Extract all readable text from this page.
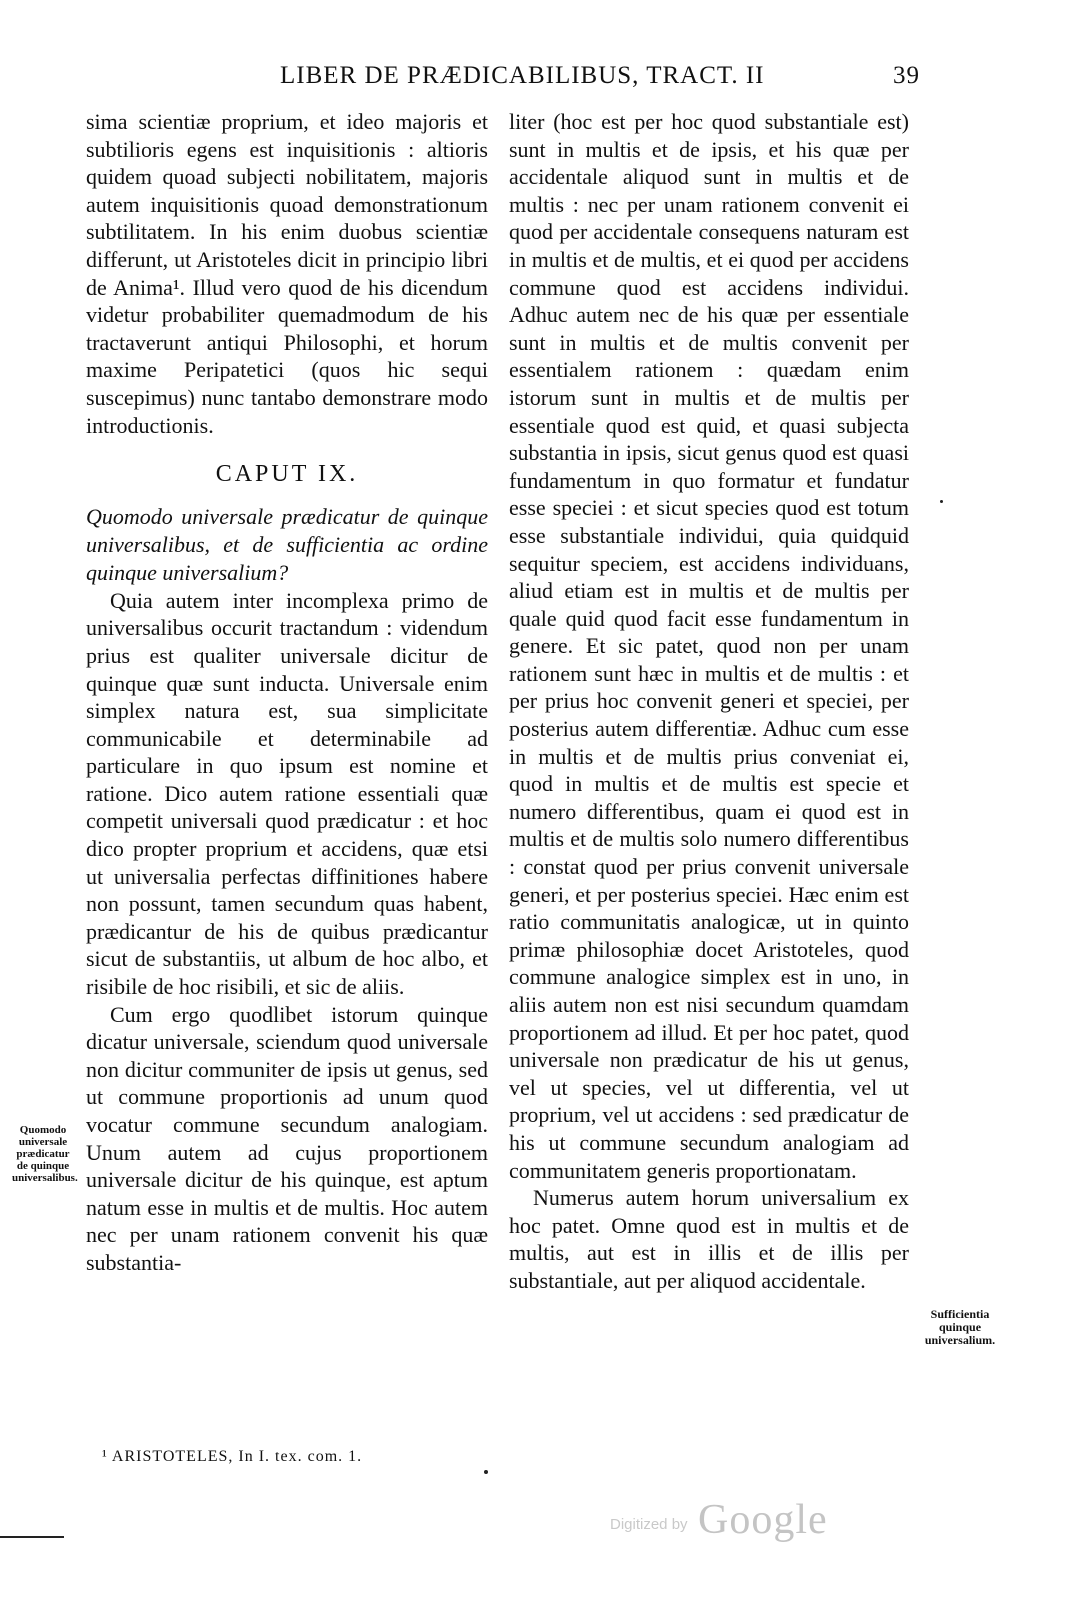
LIBER DE PRÆDICABILIBUS, TRACT. II	39

sima scientiæ proprium, et ideo majoris et subtilioris egens est inquisitionis : altioris quidem quoad subjecti nobilitatem, majoris autem inquisitionis quoad demonstrationum subtilitatem. In his enim duobus scientiæ differunt, ut Aristoteles dicit in principio libri de Anima¹. Illud vero quod de his dicendum videtur probabiliter quemadmodum de his tractaverunt antiqui Philosophi, et horum maxime Peripatetici (quos hic sequi suscepimus) nunc tantabo demonstrare modo introductionis.

CAPUT IX.

Quomodo universale prædicatur de quinque universalibus, et de sufficientia ac ordine quinque universalium?

Quia autem inter incomplexa primo de universalibus occurit tractandum : videndum prius est qualiter universale dicitur de quinque quæ sunt inducta. Universale enim simplex natura est, sua simplicitate communicabile et determinabile ad particulare in quo ipsum est nomine et ratione. Dico autem ratione essentiali quæ competit universali quod prædicatur : et hoc dico propter proprium et accidens, quæ etsi ut universalia perfectas diffinitiones habere non possunt, tamen secundum quas habent, prædicantur de his de quibus prædicantur sicut de substantiis, ut album de hoc albo, et risibile de hoc risibili, et sic de aliis.

Cum ergo quodlibet istorum quinque dicatur universale, sciendum quod universale non dicitur communiter de ipsis ut genus, sed ut commune proportionis ad unum quod vocatur commune secundum analogiam. Unum autem ad cujus proportionem universale dicitur de his quinque, est aptum natum esse in multis et de multis. Hoc autem nec per unam rationem convenit his quæ substantia-

liter (hoc est per hoc quod substantiale est) sunt in multis et de ipsis, et his quæ per accidentale aliquod sunt in multis et de multis : nec per unam rationem convenit ei quod per accidentale consequens naturam est in multis et de multis, et ei quod per accidens commune quod est accidens individui. Adhuc autem nec de his quæ per essentiale sunt in multis et de multis convenit per essentialem rationem : quædam enim istorum sunt in multis et de multis per essentiale quod est quid, et quasi subjecta substantia in ipsis, sicut genus quod est quasi fundamentum in quo formatur et fundatur esse speciei : et sicut species quod est totum esse substantiale individui, quia quidquid sequitur speciem, est accidens individuans, aliud etiam est in multis et de multis per quale quid quod facit esse fundamentum in genere. Et sic patet, quod non per unam rationem sunt hæc in multis et de multis : et per prius hoc convenit generi et speciei, per posterius autem differentiæ. Adhuc cum esse in multis et de multis prius conveniat ei, quod in multis et de multis est specie et numero differentibus, quam ei quod est in multis et de multis solo numero differentibus : constat quod per prius convenit universale generi, et per posterius speciei. Hæc enim est ratio communitatis analogicæ, ut in quinto primæ philosophiæ docet Aristoteles, quod commune analogice simplex est in uno, in aliis autem non est nisi secundum quamdam proportionem ad illud. Et per hoc patet, quod universale non prædicatur de his ut genus, vel ut species, vel ut differentia, vel ut proprium, vel ut accidens : sed prædicatur de his ut commune secundum analogiam ad communitatem generis proportionatam.

Numerus autem horum universalium ex hoc patet. Omne quod est in multis et de multis, aut est in illis et de illis per substantiale, aut per aliquod accidentale.

Quomodo universale prædicatur de quinque universalibus.
Sufficientia quinque universalium.
¹ ARISTOTELES, In I. tex. com. 1.
Digitized by Google
